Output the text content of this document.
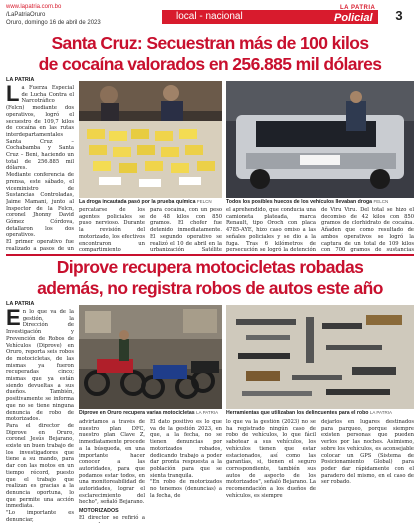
www.lapatria.com.bo
/LaPatriaOruro
Oruro, domingo 16 de abril de 2023
local - nacional
LA PATRIA
Policial	3
Santa Cruz: Secuestran más de 100 kilos
de cocaína valorados en 256.885 mil dólares
LA PATRIA

La Fuerza Especial de Lucha Contra el Narcotráfico (Felcn) mediante dos operativos, logró el secuestro de 109,7 kilos de cocaína en las rutas interdepartamentales Santa Cruz – Cochabamba y Santa Cruz – Beni, haciendo un total de 256.885 mil dólares.

Mediante conferencia de prensa, este sábado, el viceministro de Sustancias Controladas, Jaime Mamani, junto al Inspector de la Felcn, coronel Jhonny David Gómez Córdova, detallaron los dos operativos.

El primer operativo fue realizado a pasos de un

La droga incautada pasó por la prueba química FELCN	Todos los posibles huecos de los vehículos llevaban droga FELCN
percatarse de los agentes policiales se puso nervioso. Durante la revisión del motorizado, los efectivos encontraron un compartimiento
para cocaína, con un peso de 48 kilos con 850 gramos. El chofer fue detenido inmediatamente. El segundo operativo se realizó el 10 de abril en la urbanización Satélite
el aprehendido, que conducía una camioneta plateada, marca Renault, tipo Oroch con placa 4785-AYE, hizo caso omiso a las señales policiales y se dio a la fuga. Tras 6 kilómetros de persecución se logró la detención
de Viru Viru. Del total se hizo el decomiso de 42 kilos con 850 gramos de clorhidrato de cocaína. Añaden que como resultado de ambos operativos se logró la captura de un total de 109 kilos con 700 gramos de sustancias
Diprove recupera motocicletas robadas
además, no registra robos de autos este año
LA PATRIA

En lo que va de la gestión, la Dirección de Investigación y Prevención de Robos de Vehículos (Diprove) en Oruro, reporta seis robos de motocicletas, de las mismas ya fueron recuperadas cinco; mismas que ya están siendo devueltas a sus dueños. También, positivamente se informa que no se tiene ninguna denuncia de robo de motorizados.

Para el director de Diprove en Oruro, coronel Jesús Bejarano, existe un buen trabajo de los investigadores que tiene a su mando, para dar con las motos en un tiempo récord, puesto que el trabajo que realizan es gracias a la denuncia oportuna, lo que permite una acción inmediata.

"Lo importante es denunciar,

Diprove en Oruro recupera varias motocicletas LA PATRIA	Herramientas que utilizaban los delincuentes para el robo LA PATRIA

advirtamos a través de nuestro plan DFC, nuestro plan Clave Z, inmediatamente procede a la búsqueda, en una importante hacer conocer a las autoridades, para que podamos estar todos, en una monitoreabilidad de autoridades, lograr el esclarecimiento del hecho", señaló Bejarano.

MOTORIZADOS

El director se refirió a

El dato positivo es lo que va de la gestión 2023, en que, a la fecha, no se tienen denuncias por motorizados robados, dedicando trabajo a poder dar pronta respuesta a la población para que se sienta tranquila.

"En robo de motorizados no tenemos (denuncias) a la fecha, de

lo que va la gestión (2023) no se ha registrado ningún caso de robo de vehículos, lo que fácil sabotear a sus vehículos, los vehículos tienen que estar estacionados, así como las garantías, si, tienen el seguro correspondiente, también sus autos de aspecto de los motorizados", señaló Bejarano. La recomendación a los dueños de vehículos, es siempre
dejarlos en lugares destinados para parqueo, porque siempre existen personas que pueden verlos por las noches. Asimismo, sobre los vehículos, es aconsejable colocar un GPS (Sistema de Posicionamiento Global) para poder dar rápidamente con el paradero del mismo, en el caso de ser robado.
